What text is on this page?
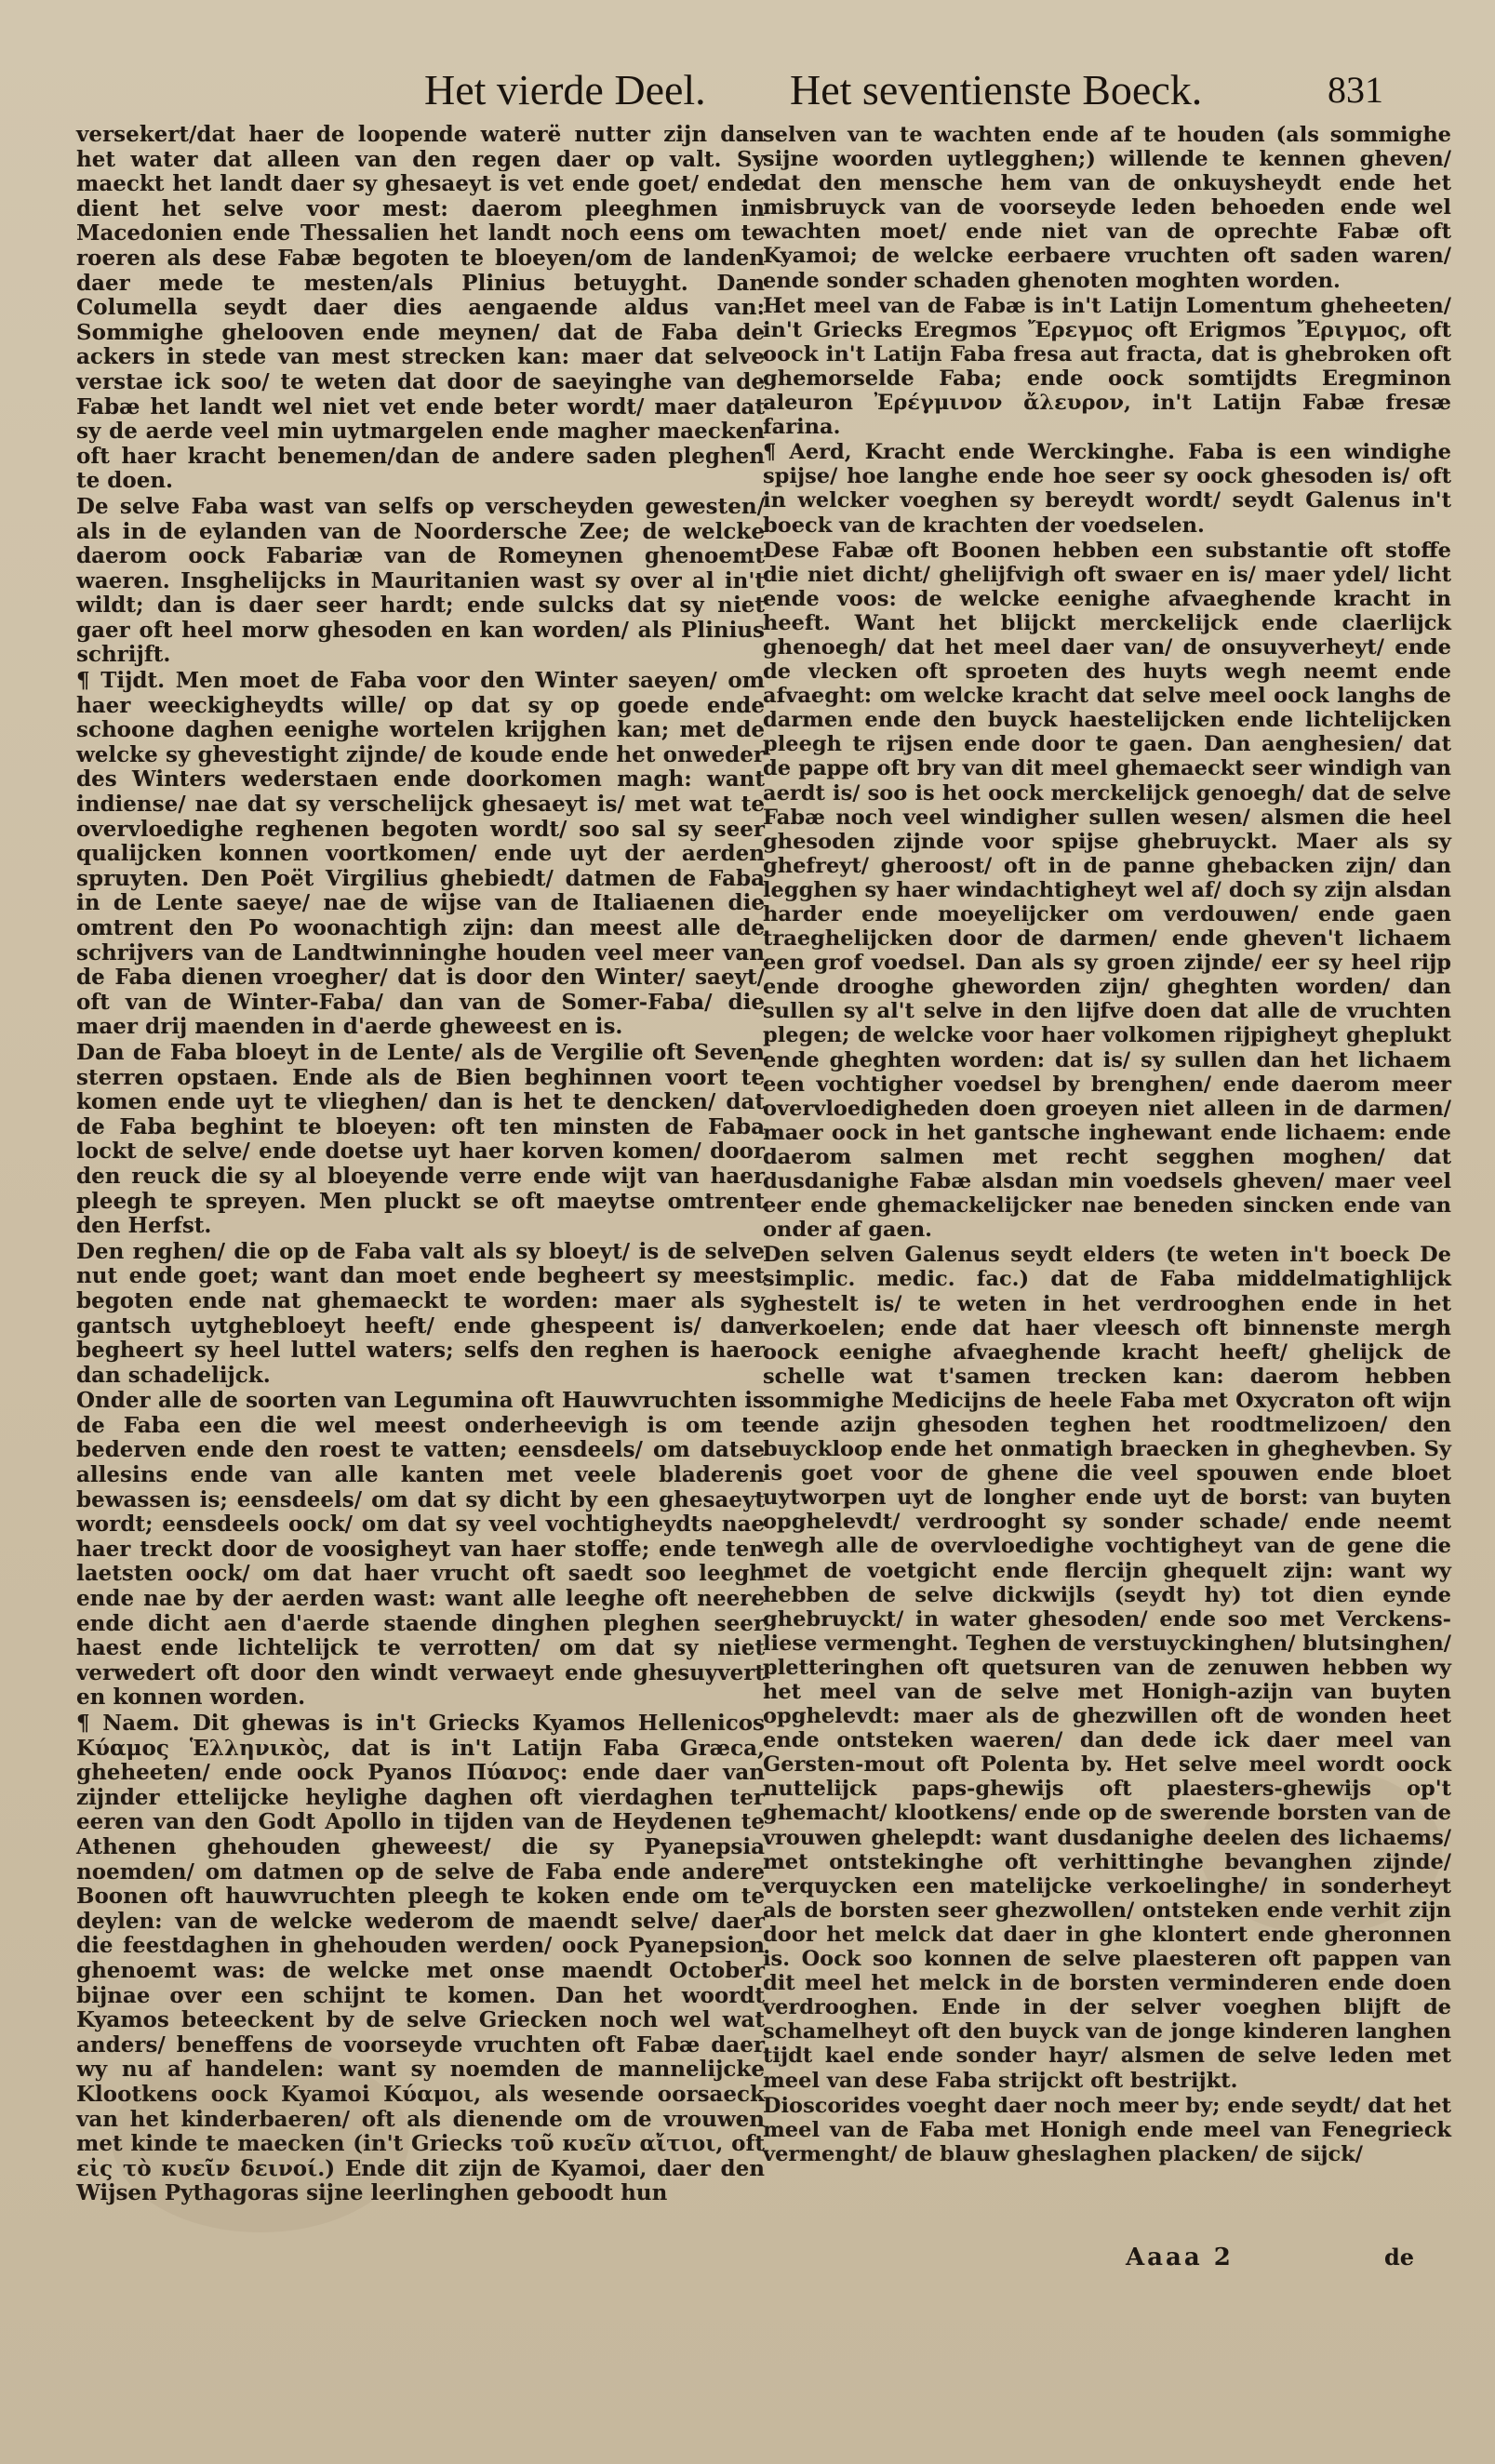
Het vierde Deel. Het seventienste Boeck.	831

versekert/dat haer de loopende waterë nutter zijn dan het water dat alleen van den regen daer op valt. Sy maeckt het landt daer sy ghesaeyt is vet ende goet/ ende dient het selve voor mest: daerom pleeghmen in Macedonien ende Thessalien het landt noch eens om te roeren als dese Fabæ begoten te bloeyen/om de landen daer mede te mesten/als Plinius betuyght. Dan Columella seydt daer dies aengaende aldus van: Sommighe ghelooven ende meynen/ dat de Faba de ackers in stede van mest strecken kan: maer dat selve verstae ick soo/ te weten dat door de saeyinghe van de Fabæ het landt wel niet vet ende beter wordt/ maer dat sy de aerde veel min uytmargelen ende magher maecken oft haer kracht benemen/dan de andere saden pleghen te doen.

De selve Faba wast van selfs op verscheyden gewesten/ als in de eylanden van de Noordersche Zee; de welcke daerom oock Fabariæ van de Romeynen ghenoemt waeren. Insghelijcks in Mauritanien wast sy over al in't wildt; dan is daer seer hardt; ende sulcks dat sy niet gaer oft heel morw ghesoden en kan worden/ als Plinius schrijft.

¶ Tijdt. Men moet de Faba voor den Winter saeyen/ om haer weeckigheydts wille/ op dat sy op goede ende schoone daghen eenighe wortelen krijghen kan; met de welcke sy ghevestight zijnde/ de koude ende het onweder des Winters wederstaen ende doorkomen magh: want indiense/ nae dat sy verschelijck ghesaeyt is/ met wat te overvloedighe reghenen begoten wordt/ soo sal sy seer qualijcken konnen voortkomen/ ende uyt der aerden spruyten. Den Poët Virgilius ghebiedt/ datmen de Faba in de Lente saeye/ nae de wijse van de Italiaenen die omtrent den Po woonachtigh zijn: dan meest alle de schrijvers van de Landtwinninghe houden veel meer van de Faba dienen vroegher/ dat is door den Winter/ saeyt/ oft van de Winter-Faba/ dan van de Somer-Faba/ die maer drij maenden in d'aerde gheweest en is.

Dan de Faba bloeyt in de Lente/ als de Vergilie oft Seven sterren opstaen. Ende als de Bien beghinnen voort te komen ende uyt te vlieghen/ dan is het te dencken/ dat de Faba beghint te bloeyen: oft ten minsten de Faba lockt de selve/ ende doetse uyt haer korven komen/ door den reuck die sy al bloeyende verre ende wijt van haer pleegh te spreyen. Men pluckt se oft maeytse omtrent den Herfst.

Den reghen/ die op de Faba valt als sy bloeyt/ is de selve nut ende goet; want dan moet ende begheert sy meest begoten ende nat ghemaeckt te worden: maer als sy gantsch uytghebloeyt heeft/ ende ghespeent is/ dan begheert sy heel luttel waters; selfs den reghen is haer dan schadelijck.

Onder alle de soorten van Legumina oft Hauwvruchten is de Faba een die wel meest onderheevigh is om te bederven ende den roest te vatten; eensdeels/ om datse allesins ende van alle kanten met veele bladeren bewassen is; eensdeels/ om dat sy dicht by een ghesaeyt wordt; eensdeels oock/ om dat sy veel vochtigheydts nae haer treckt door de voosigheyt van haer stoffe; ende ten laetsten oock/ om dat haer vrucht oft saedt soo leegh ende nae by der aerden wast: want alle leeghe oft neere ende dicht aen d'aerde staende dinghen pleghen seer haest ende lichtelijck te verrotten/ om dat sy niet verwedert oft door den windt verwaeyt ende ghesuyvert en konnen worden.

¶ Naem. Dit ghewas is in't Griecks Kyamos Hellenicos Κύαμος Ἑλληνικὸς, dat is in't Latijn Faba Græca, gheheeten/ ende oock Pyanos Πύανος: ende daer van zijnder ettelijcke heylighe daghen oft vierdaghen ter eeren van den Godt Apollo in tijden van de Heydenen te Athenen ghehouden gheweest/ die sy Pyanepsia noemden/ om datmen op de selve de Faba ende andere Boonen oft hauwvruchten pleegh te koken ende om te deylen: van de welcke wederom de maendt selve/ daer die feestdaghen in ghehouden werden/ oock Pyanepsion ghenoemt was: de welcke met onse maendt October bijnae over een schijnt te komen. Dan het woordt Kyamos beteeckent by de selve Griecken noch wel wat anders/ beneffens de voorseyde vruchten oft Fabæ daer wy nu af handelen: want sy noemden de mannelijcke Klootkens oock Kyamoi Κύαμοι, als wesende oorsaeck van het kinderbaeren/ oft als dienende om de vrouwen met kinde te maecken (in't Griecks τοῦ κυεῖν αἴτιοι, oft εἰς τὸ κυεῖν δεινοί.) Ende dit zijn de Kyamoi, daer den Wijsen Pythagoras sijne leerlinghen geboodt hun

selven van te wachten ende af te houden (als sommighe sijne woorden uytlegghen;) willende te kennen gheven/ dat den mensche hem van de onkuysheydt ende het misbruyck van de voorseyde leden behoeden ende wel wachten moet/ ende niet van de oprechte Fabæ oft Kyamoi; de welcke eerbaere vruchten oft saden waren/ ende sonder schaden ghenoten moghten worden.

Het meel van de Fabæ is in't Latijn Lomentum gheheeten/ in't Griecks Eregmos Ἔρεγμος oft Erigmos Ἔριγμος, oft oock in't Latijn Faba fresa aut fracta, dat is ghebroken oft ghemorselde Faba; ende oock somtijdts Eregminon aleuron Ἐρέγμινον ἄλευρον, in't Latijn Fabæ fresæ farina.

¶ Aerd, Kracht ende Werckinghe. Faba is een windighe spijse/ hoe langhe ende hoe seer sy oock ghesoden is/ oft in welcker voeghen sy bereydt wordt/ seydt Galenus in't boeck van de krachten der voedselen.

Dese Fabæ oft Boonen hebben een substantie oft stoffe die niet dicht/ ghelijfvigh oft swaer en is/ maer ydel/ licht ende voos: de welcke eenighe afvaeghende kracht in heeft. Want het blijckt merckelijck ende claerlijck ghenoegh/ dat het meel daer van/ de onsuyverheyt/ ende de vlecken oft sproeten des huyts wegh neemt ende afvaeght: om welcke kracht dat selve meel oock langhs de darmen ende den buyck haestelijcken ende lichtelijcken pleegh te rijsen ende door te gaen. Dan aenghesien/ dat de pappe oft bry van dit meel ghemaeckt seer windigh van aerdt is/ soo is het oock merckelijck genoegh/ dat de selve Fabæ noch veel windigher sullen wesen/ alsmen die heel ghesoden zijnde voor spijse ghebruyckt. Maer als sy ghefreyt/ gheroost/ oft in de panne ghebacken zijn/ dan legghen sy haer windachtigheyt wel af/ doch sy zijn alsdan harder ende moeyelijcker om verdouwen/ ende gaen traeghelijcken door de darmen/ ende gheven't lichaem een grof voedsel. Dan als sy groen zijnde/ eer sy heel rijp ende drooghe gheworden zijn/ gheghten worden/ dan sullen sy al't selve in den lijfve doen dat alle de vruchten plegen; de welcke voor haer volkomen rijpigheyt gheplukt ende gheghten worden: dat is/ sy sullen dan het lichaem een vochtigher voedsel by brenghen/ ende daerom meer overvloedigheden doen groeyen niet alleen in de darmen/ maer oock in het gantsche inghewant ende lichaem: ende daerom salmen met recht segghen moghen/ dat dusdanighe Fabæ alsdan min voedsels gheven/ maer veel eer ende ghemackelijcker nae beneden sincken ende van onder af gaen.

Den selven Galenus seydt elders (te weten in't boeck De simplic. medic. fac.) dat de Faba middelmatighlijck ghestelt is/ te weten in het verdrooghen ende in het verkoelen; ende dat haer vleesch oft binnenste mergh oock eenighe afvaeghende kracht heeft/ ghelijck de schelle wat t'samen trecken kan: daerom hebben sommighe Medicijns de heele Faba met Oxycraton oft wijn ende azijn ghesoden teghen het roodtmelizoen/ den buyckloop ende het onmatigh braecken in gheghevben. Sy is goet voor de ghene die veel spouwen ende bloet uytworpen uyt de longher ende uyt de borst: van buyten opghelevdt/ verdrooght sy sonder schade/ ende neemt wegh alle de overvloedighe vochtigheyt van de gene die met de voetgicht ende flercijn ghequelt zijn: want wy hebben de selve dickwijls (seydt hy) tot dien eynde ghebruyckt/ in water ghesoden/ ende soo met Verckens-liese vermenght. Teghen de verstuyckinghen/ blutsinghen/ pletteringhen oft quetsuren van de zenuwen hebben wy het meel van de selve met Honigh-azijn van buyten opghelevdt: maer als de ghezwillen oft de wonden heet ende ontsteken waeren/ dan dede ick daer meel van Gersten-mout oft Polenta by. Het selve meel wordt oock nuttelijck paps-ghewijs oft plaesters-ghewijs op't ghemacht/ klootkens/ ende op de swerende borsten van de vrouwen ghelepdt: want dusdanighe deelen des lichaems/ met ontstekinghe oft verhittinghe bevanghen zijnde/ verquycken een matelijcke verkoelinghe/ in sonderheyt als de borsten seer ghezwollen/ ontsteken ende verhit zijn door het melck dat daer in ghe klontert ende gheronnen is. Oock soo konnen de selve plaesteren oft pappen van dit meel het melck in de borsten verminderen ende doen verdrooghen. Ende in der selver voeghen blijft de schamelheyt oft den buyck van de jonge kinderen langhen tijdt kael ende sonder hayr/ alsmen de selve leden met meel van dese Faba strijckt oft bestrijkt.

Dioscorides voeght daer noch meer by; ende seydt/ dat het meel van de Faba met Honigh ende meel van Fenegrieck vermenght/ de blauw gheslaghen placken/ de sijck/

Aaaa 2	de
